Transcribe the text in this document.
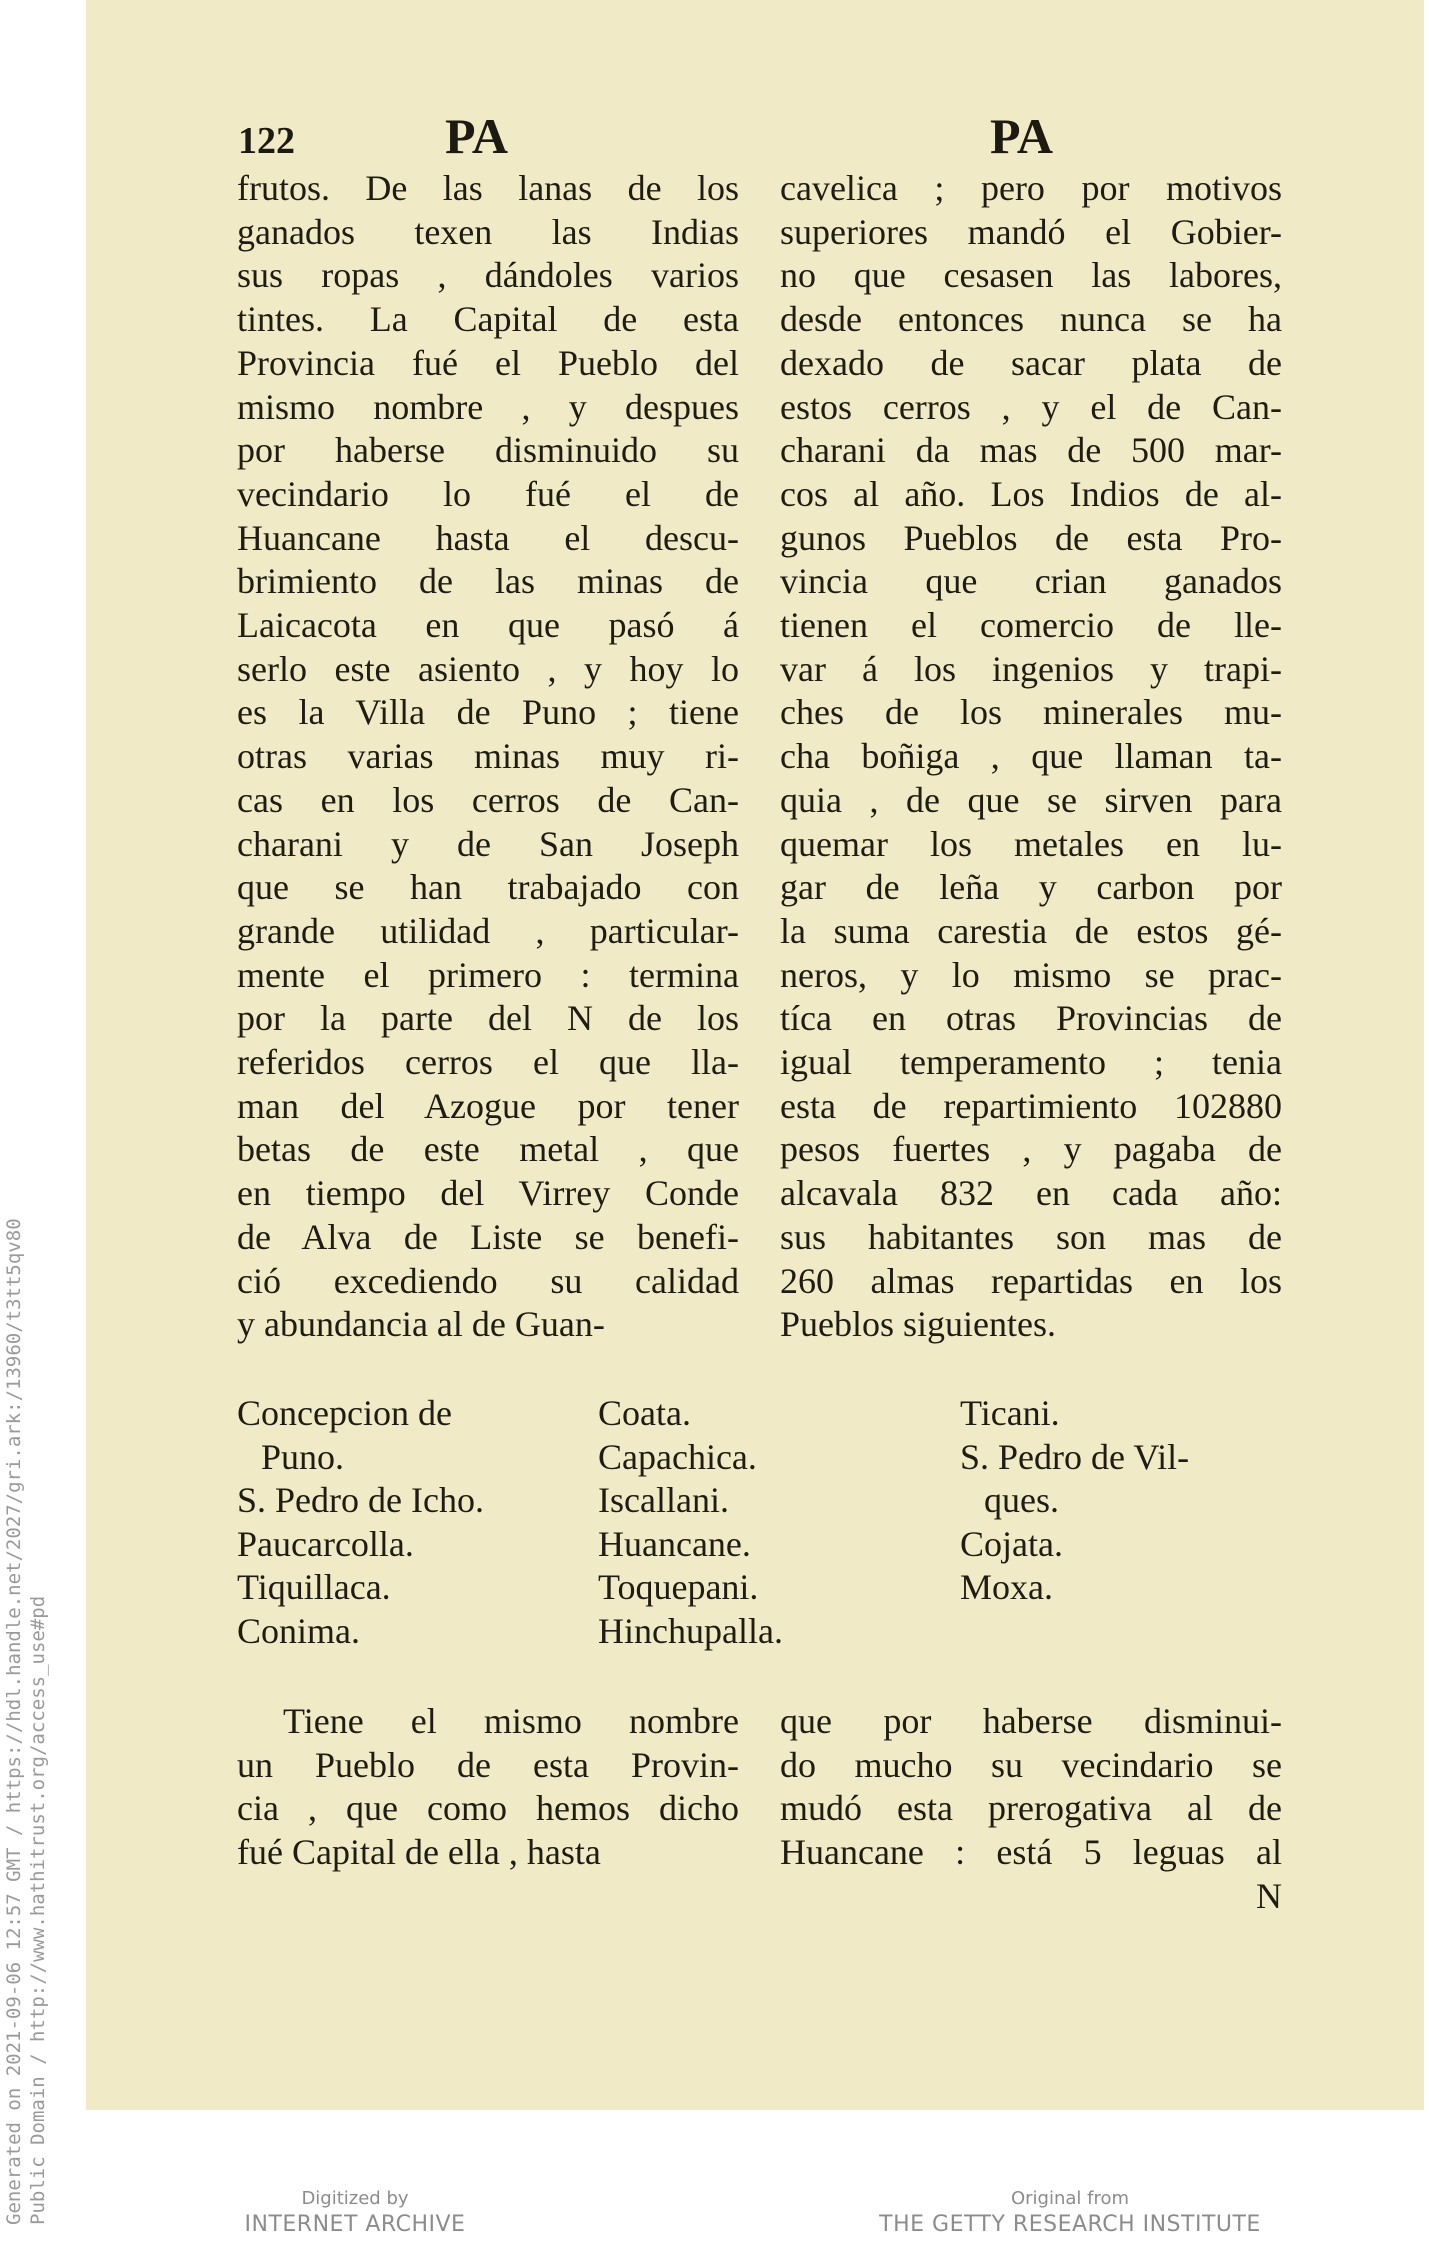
Generated on 2021-09-06 12:57 GMT / https://hdl.handle.net/2027/gri.ark:/13960/t3tt5qv80 Public Domain / http://www.hathitrust.org/access_use#pd
122	PA	PA
frutos. De las lanas de los
ganados texen las Indias
sus ropas , dándoles varios
tintes. La Capital de esta
Provincia fué el Pueblo del
mismo nombre , y despues
por haberse disminuido su
vecindario lo fué el de
Huancane hasta el descu-
brimiento de las minas de
Laicacota en que pasó á
serlo este asiento , y hoy lo
es la Villa de Puno ; tiene
otras varias minas muy ri-
cas en los cerros de Can-
charani y de San Joseph
que se han trabajado con
grande utilidad , particular-
mente el primero : termina
por la parte del N de los
referidos cerros el que lla-
man del Azogue por tener
betas de este metal , que
en tiempo del Virrey Conde
de Alva de Liste se benefi-
ció excediendo su calidad
y abundancia al de Guan-
cavelica ; pero por motivos
superiores mandó el Gobier-
no que cesasen las labores,
desde entonces nunca se ha
dexado de sacar plata de
estos cerros , y el de Can-
charani da mas de 500 mar-
cos al año. Los Indios de al-
gunos Pueblos de esta Pro-
vincia que crian ganados
tienen el comercio de lle-
var á los ingenios y trapi-
ches de los minerales mu-
cha boñiga , que llaman ta-
quia , de que se sirven para
quemar los metales en lu-
gar de leña y carbon por
la suma carestia de estos gé-
neros, y lo mismo se prac-
tíca en otras Provincias de
igual temperamento ; tenia
esta de repartimiento 102880
pesos fuertes , y pagaba de
alcavala 832 en cada año:
sus habitantes son mas de
260 almas repartidas en los
Pueblos siguientes.
Concepcion de
Puno.
S. Pedro de Icho.
Paucarcolla.
Tiquillaca.
Conima.
Coata.
Capachica.
Iscallani.
Huancane.
Toquepani.
Hinchupalla.
Ticani.
S. Pedro de Vil-
ques.
Cojata.
Moxa.
Tiene el mismo nombre
un Pueblo de esta Provin-
cia , que como hemos dicho
fué Capital de ella , hasta
que por haberse disminui-
do mucho su vecindario se
mudó esta prerogativa al de
Huancane : está 5 leguas al
N
Digitized by
INTERNET ARCHIVE
Original from
THE GETTY RESEARCH INSTITUTE
